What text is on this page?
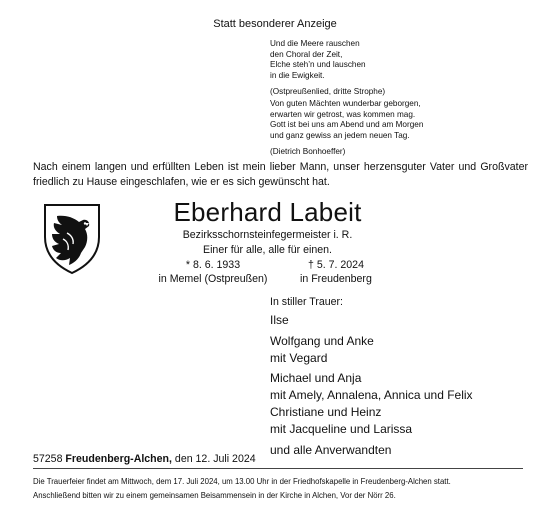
Statt besonderer Anzeige

Und die Meere rauschen

den Choral der Zeit,

Elche steh’n und lauschen

in die Ewigkeit.

(Ostpreußenlied, dritte Strophe)

Von guten Mächten wunderbar geborgen,

erwarten wir getrost, was kommen mag.

Gott ist bei uns am Abend und am Morgen

und ganz gewiss an jedem neuen Tag.

(Dietrich Bonhoeffer)

Nach einem langen und erfüllten Leben ist mein lieber Mann, unser herzensguter Vater und Großvater friedlich zu Hause eingeschlafen, wie er es sich gewünscht hat.
Eberhard Labeit
Bezirksschornsteinfegermeister i. R.
Einer für alle, alle für einen.
* 8. 6. 1933
in Memel (Ostpreußen)
† 5. 7. 2024
in Freudenberg
In stiller Trauer:
Ilse
Wolfgang und Anke
mit Vegard
Michael und Anja
mit Amely, Annalena, Annica und Felix
Christiane und Heinz
mit Jacqueline und Larissa
und alle Anverwandten
57258 Freudenberg-Alchen, den 12. Juli 2024

Die Trauerfeier findet am Mittwoch, dem 17. Juli 2024, um 13.00 Uhr in der Friedhofskapelle in Freudenberg-Alchen statt.

Anschließend bitten wir zu einem gemeinsamen Beisammensein in der Kirche in Alchen, Vor der Nörr 26.
